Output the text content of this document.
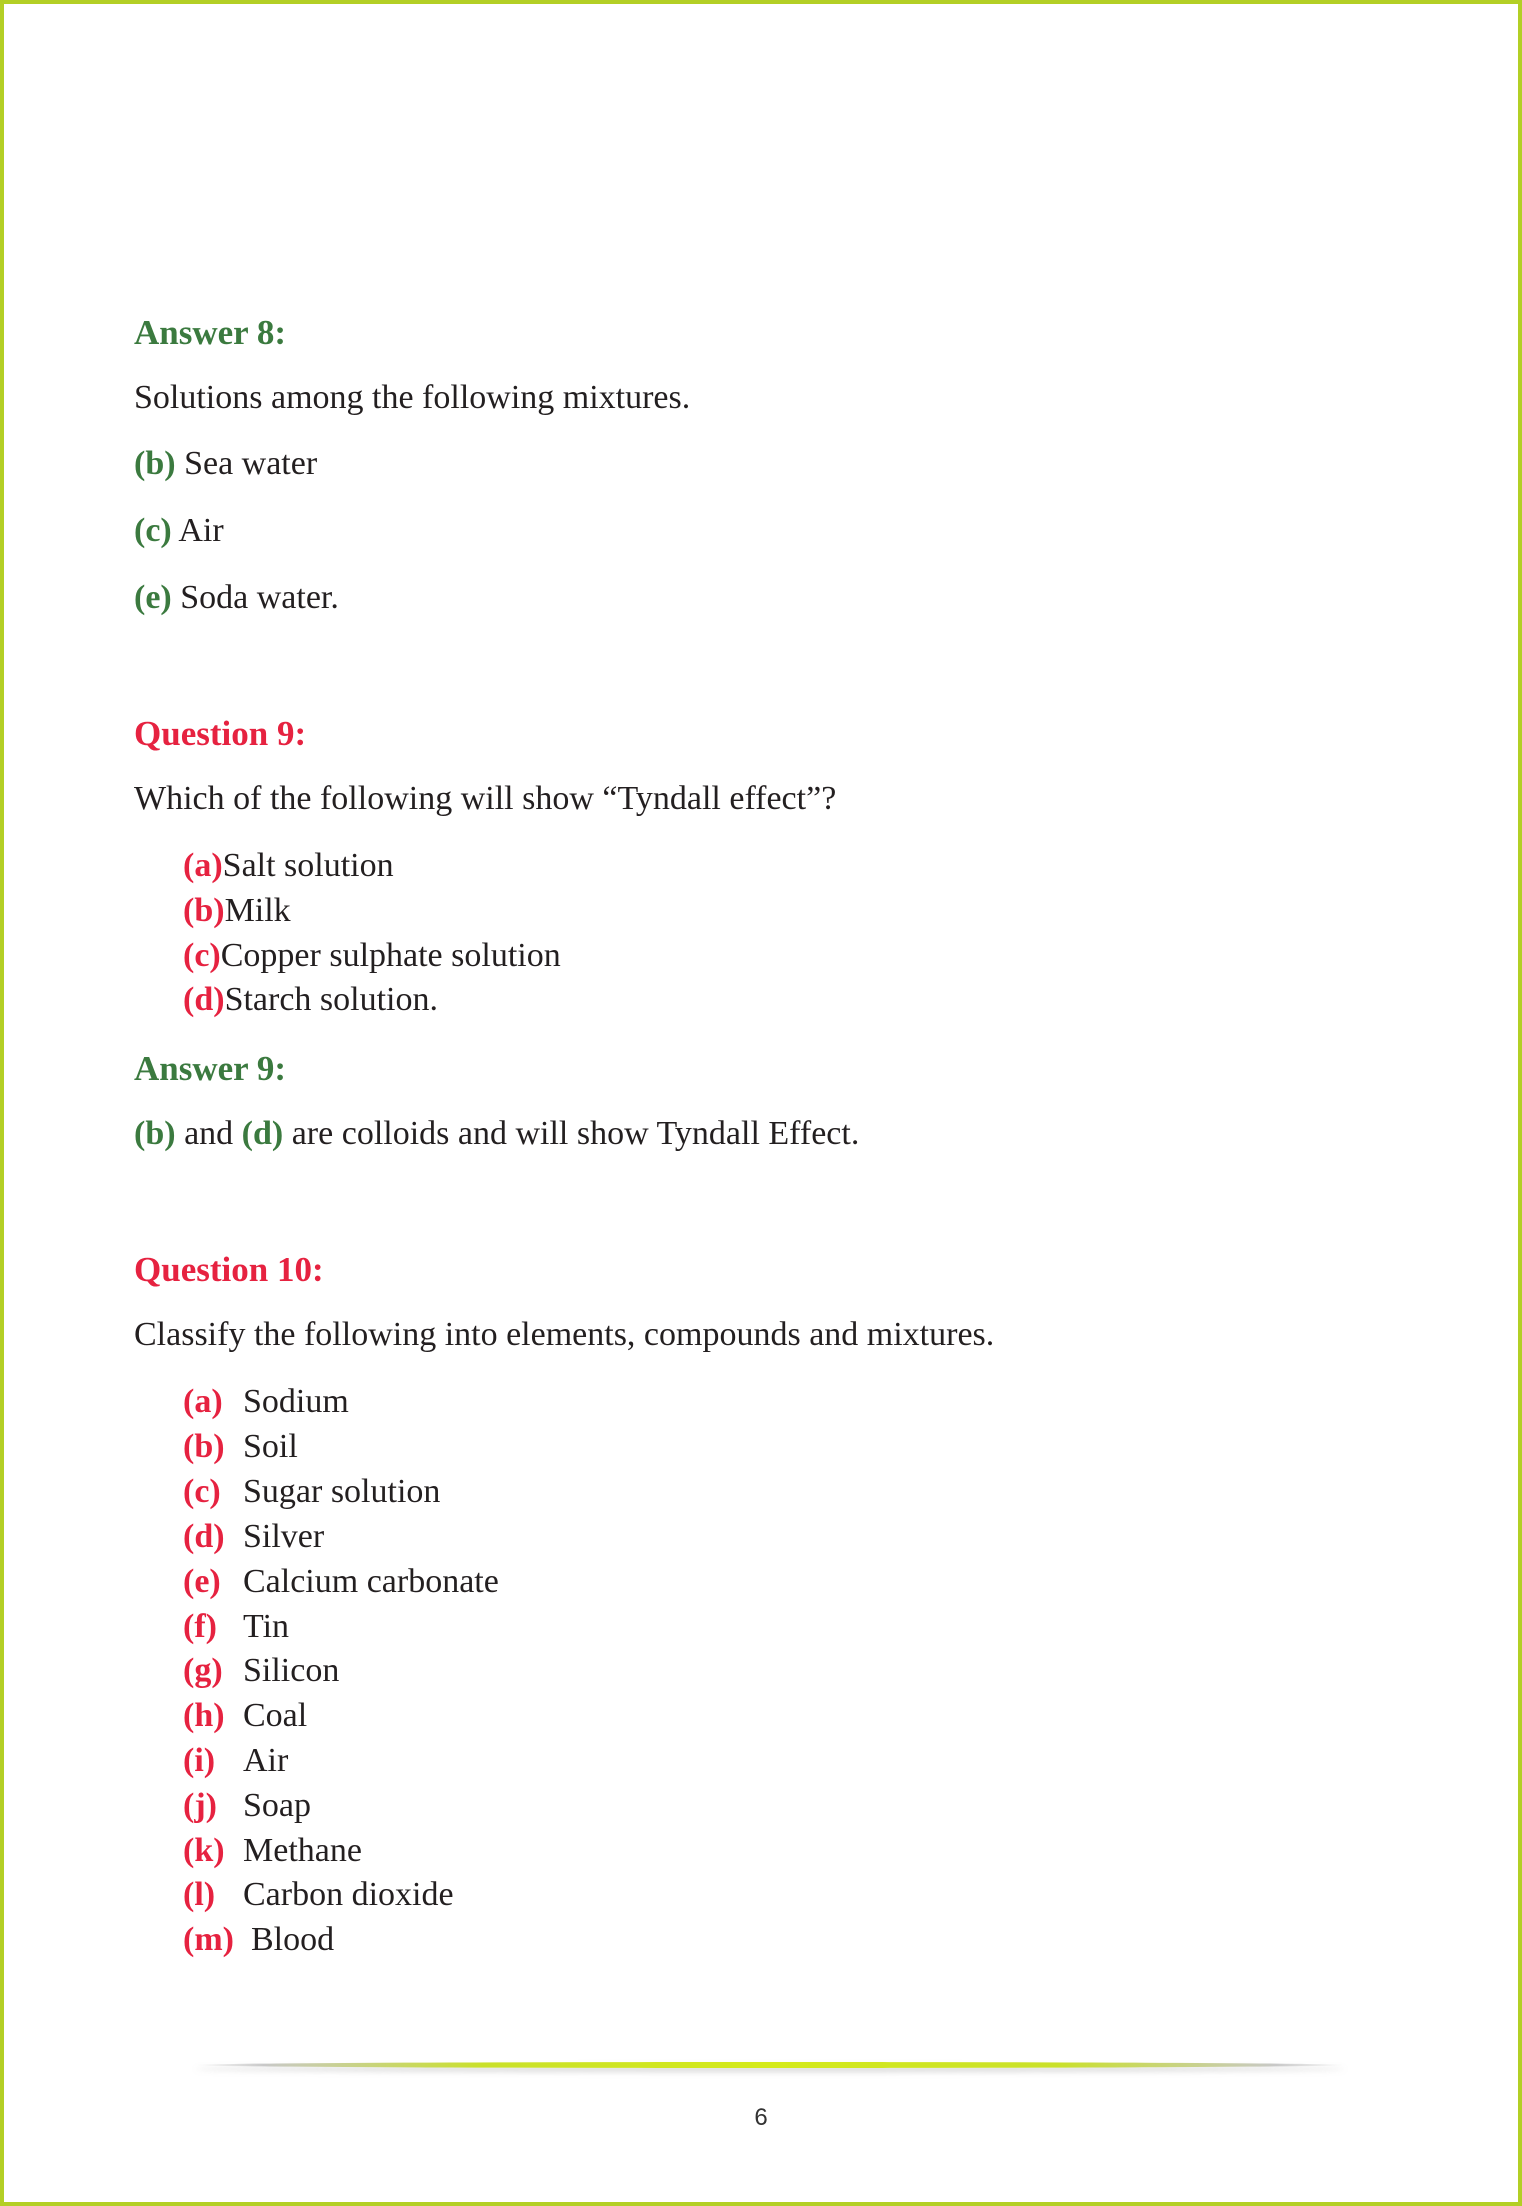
Answer 8:
Solutions among the following mixtures.
(b) Sea water
(c) Air
(e) Soda water.
Question 9:
Which of the following will show “Tyndall effect”?
(a)Salt solution
(b)Milk
(c)Copper sulphate solution
(d)Starch solution.
Answer 9:
(b) and (d) are colloids and will show Tyndall Effect.
Question 10:
Classify the following into elements, compounds and mixtures.
(a) Sodium
(b) Soil
(c) Sugar solution
(d) Silver
(e) Calcium carbonate
(f) Tin
(g) Silicon
(h) Coal
(i) Air
(j) Soap
(k) Methane
(l) Carbon dioxide
(m) Blood
6
